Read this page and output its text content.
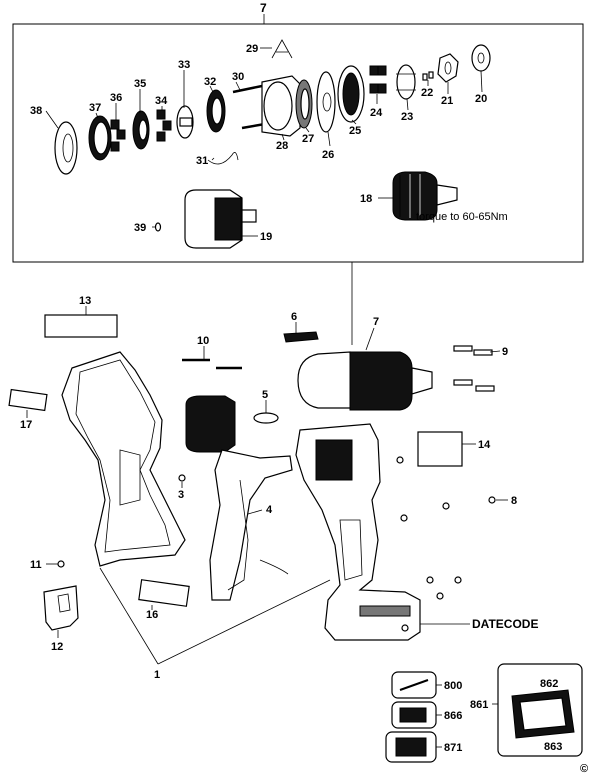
7
29
30
33
32
35
34
36
37
38
28
27
26
25
24 23
22
21 20
31
18
torque to 60-65Nm
19
39
13
6	7
10
9
17
5
14
3
4
8
11
16
12
DATECODE
1
800
866
871
861
862
863
©
